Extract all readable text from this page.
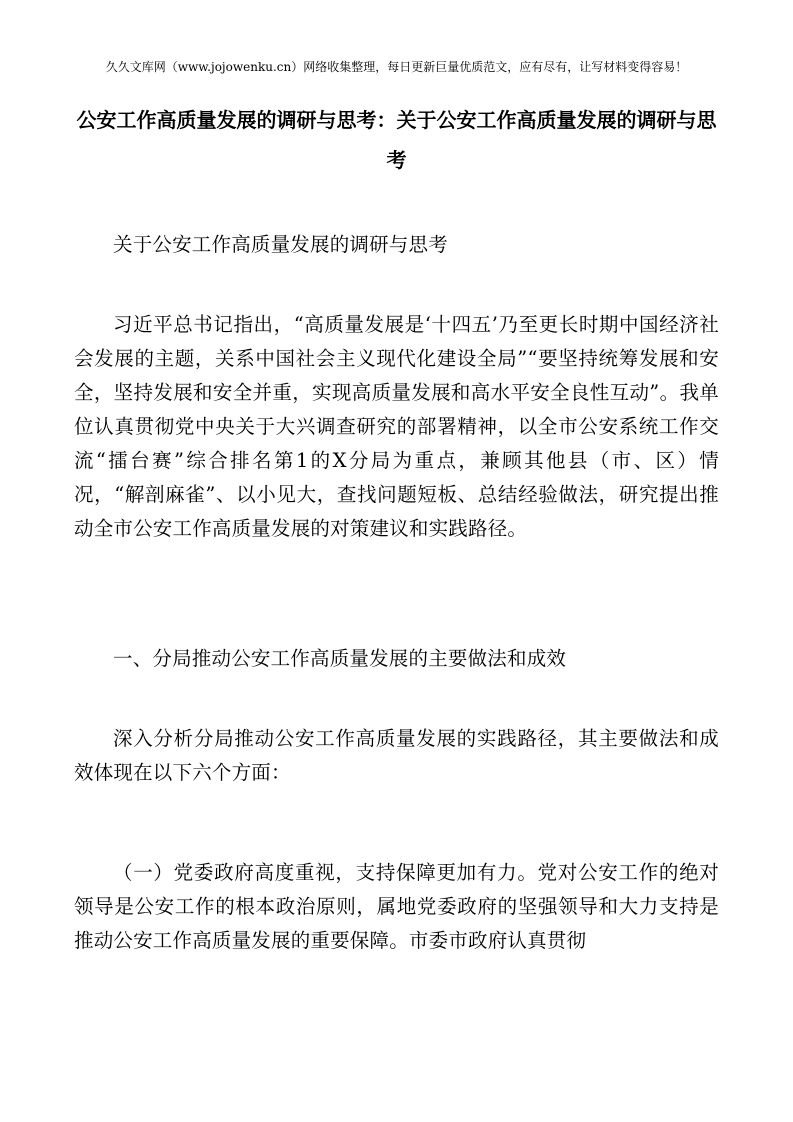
久久文库网（www.jojowenku.cn）网络收集整理，每日更新巨量优质范文，应有尽有，让写材料变得容易！
公安工作高质量发展的调研与思考：关于公安工作高质量发展的调研与思考

关于公安工作高质量发展的调研与思考

习近平总书记指出，“高质量发展是‘十四五’乃至更长时期中国经济社会发展的主题，关系中国社会主义现代化建设全局”“要坚持统筹发展和安全，坚持发展和安全并重，实现高质量发展和高水平安全良性互动”。我单位认真贯彻党中央关于大兴调查研究的部署精神，以全市公安系统工作交流“擂台赛”综合排名第1的X分局为重点，兼顾其他县（市、区）情况，“解剖麻雀”、以小见大，查找问题短板、总结经验做法，研究提出推动全市公安工作高质量发展的对策建议和实践路径。

一、分局推动公安工作高质量发展的主要做法和成效

深入分析分局推动公安工作高质量发展的实践路径，其主要做法和成效体现在以下六个方面：

（一）党委政府高度重视，支持保障更加有力。党对公安工作的绝对领导是公安工作的根本政治原则，属地党委政府的坚强领导和大力支持是推动公安工作高质量发展的重要保障。市委市政府认真贯彻
